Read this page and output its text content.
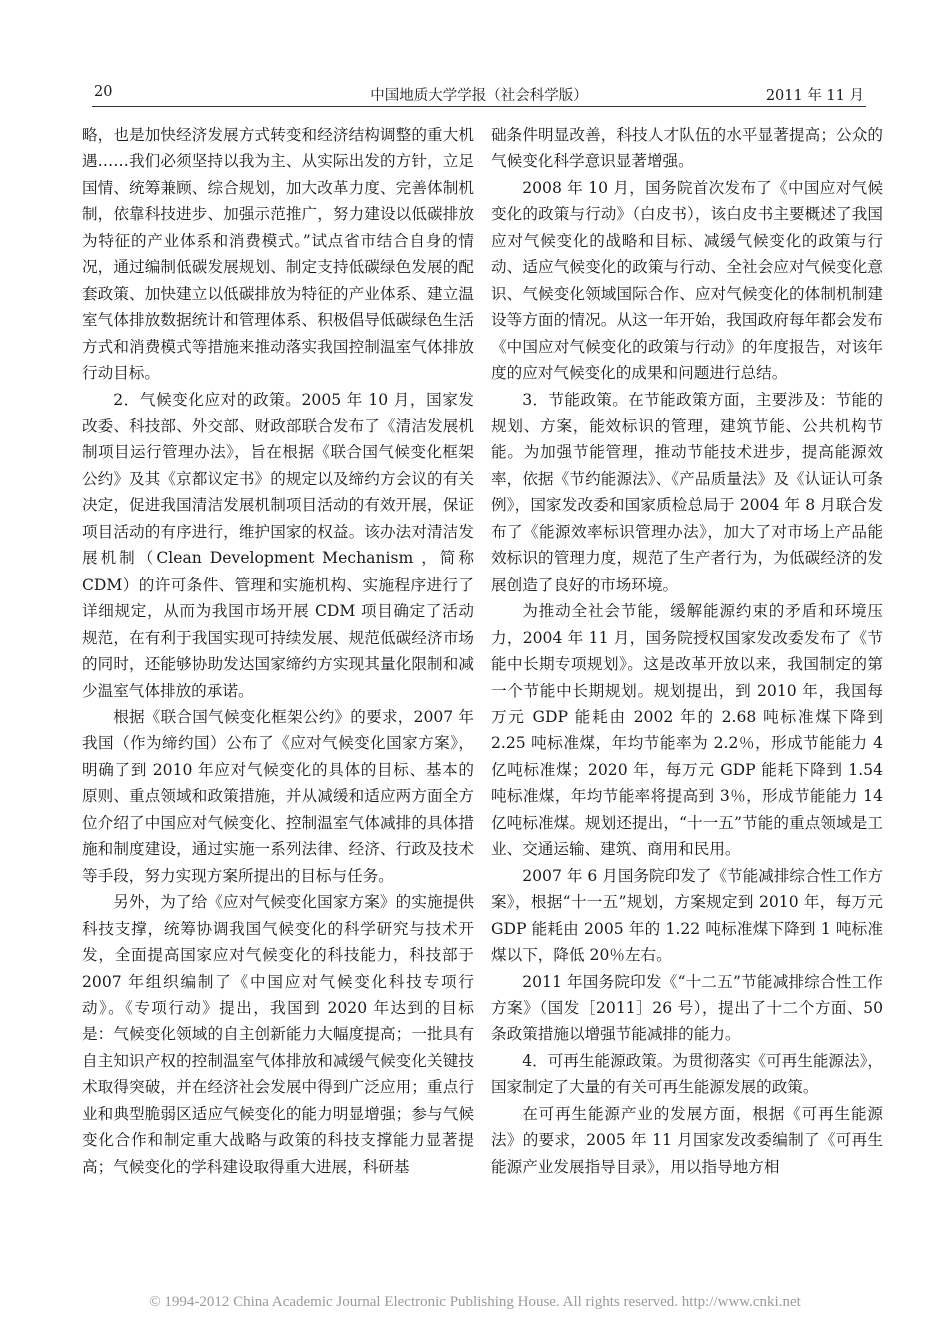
20	中国地质大学学报（社会科学版）	2011 年 11 月

略，也是加快经济发展方式转变和经济结构调整的重大机遇……我们必须坚持以我为主、从实际出发的方针，立足国情、统筹兼顾、综合规划，加大改革力度、完善体制机制，依靠科技进步、加强示范推广，努力建设以低碳排放为特征的产业体系和消费模式。”试点省市结合自身的情况，通过编制低碳发展规划、制定支持低碳绿色发展的配套政策、加快建立以低碳排放为特征的产业体系、建立温室气体排放数据统计和管理体系、积极倡导低碳绿色生活方式和消费模式等措施来推动落实我国控制温室气体排放行动目标。

2．气候变化应对的政策。2005 年 10 月，国家发改委、科技部、外交部、财政部联合发布了《清洁发展机制项目运行管理办法》，旨在根据《联合国气候变化框架公约》及其《京都议定书》的规定以及缔约方会议的有关决定，促进我国清洁发展机制项目活动的有效开展，保证项目活动的有序进行，维护国家的权益。该办法对清洁发展机制（Clean Development Mechanism ，简称 CDM）的许可条件、管理和实施机构、实施程序进行了详细规定，从而为我国市场开展 CDM 项目确定了活动规范，在有利于我国实现可持续发展、规范低碳经济市场的同时，还能够协助发达国家缔约方实现其量化限制和减少温室气体排放的承诺。

根据《联合国气候变化框架公约》的要求，2007 年我国（作为缔约国）公布了《应对气候变化国家方案》，明确了到 2010 年应对气候变化的具体的目标、基本的原则、重点领域和政策措施，并从减缓和适应两方面全方位介绍了中国应对气候变化、控制温室气体减排的具体措施和制度建设，通过实施一系列法律、经济、行政及技术等手段，努力实现方案所提出的目标与任务。

另外，为了给《应对气候变化国家方案》的实施提供科技支撑，统筹协调我国气候变化的科学研究与技术开发，全面提高国家应对气候变化的科技能力，科技部于 2007 年组织编制了《中国应对气候变化科技专项行动》。《专项行动》提出，我国到 2020 年达到的目标是：气候变化领域的自主创新能力大幅度提高；一批具有自主知识产权的控制温室气体排放和减缓气候变化关键技术取得突破，并在经济社会发展中得到广泛应用；重点行业和典型脆弱区适应气候变化的能力明显增强；参与气候变化合作和制定重大战略与政策的科技支撑能力显著提高；气候变化的学科建设取得重大进展，科研基

础条件明显改善，科技人才队伍的水平显著提高；公众的气候变化科学意识显著增强。

2008 年 10 月，国务院首次发布了《中国应对气候变化的政策与行动》（白皮书），该白皮书主要概述了我国应对气候变化的战略和目标、减缓气候变化的政策与行动、适应气候变化的政策与行动、全社会应对气候变化意识、气候变化领域国际合作、应对气候变化的体制机制建设等方面的情况。从这一年开始，我国政府每年都会发布《中国应对气候变化的政策与行动》的年度报告，对该年度的应对气候变化的成果和问题进行总结。

3．节能政策。在节能政策方面，主要涉及：节能的规划、方案，能效标识的管理，建筑节能、公共机构节能。为加强节能管理，推动节能技术进步，提高能源效率，依据《节约能源法》、《产品质量法》及《认证认可条例》，国家发改委和国家质检总局于 2004 年 8 月联合发布了《能源效率标识管理办法》，加大了对市场上产品能效标识的管理力度，规范了生产者行为，为低碳经济的发展创造了良好的市场环境。

为推动全社会节能，缓解能源约束的矛盾和环境压力，2004 年 11 月，国务院授权国家发改委发布了《节能中长期专项规划》。这是改革开放以来，我国制定的第一个节能中长期规划。规划提出，到 2010 年，我国每万元 GDP 能耗由 2002 年的 2.68 吨标准煤下降到 2.25 吨标准煤，年均节能率为 2.2％，形成节能能力 4 亿吨标准煤；2020 年，每万元 GDP 能耗下降到 1.54 吨标准煤，年均节能率将提高到 3％，形成节能能力 14 亿吨标准煤。规划还提出，“十一五”节能的重点领域是工业、交通运输、建筑、商用和民用。

2007 年 6 月国务院印发了《节能减排综合性工作方案》，根据“十一五”规划，方案规定到 2010 年，每万元 GDP 能耗由 2005 年的 1.22 吨标准煤下降到 1 吨标准煤以下，降低 20％左右。

2011 年国务院印发《“十二五”节能减排综合性工作方案》（国发［2011］26 号），提出了十二个方面、50 条政策措施以增强节能减排的能力。

4．可再生能源政策。为贯彻落实《可再生能源法》，国家制定了大量的有关可再生能源发展的政策。

在可再生能源产业的发展方面，根据《可再生能源法》的要求，2005 年 11 月国家发改委编制了《可再生能源产业发展指导目录》，用以指导地方相

© 1994-2012 China Academic Journal Electronic Publishing House. All rights reserved. http://www.cnki.net
